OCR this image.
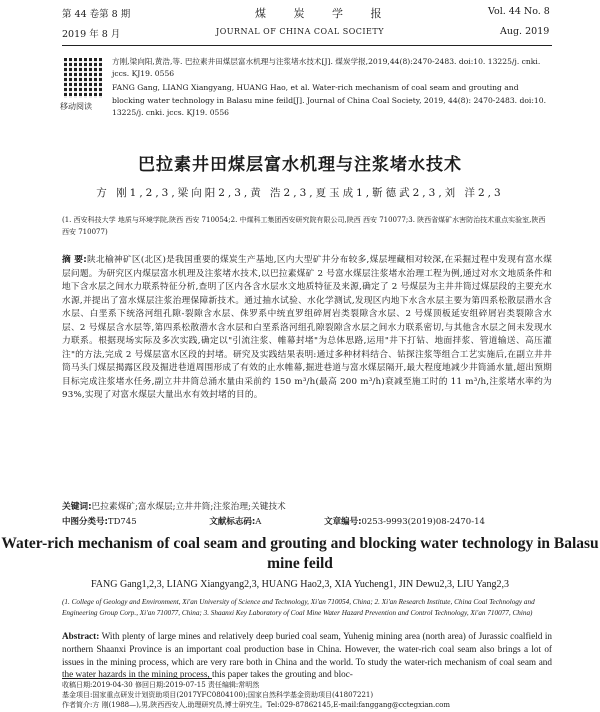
第 44 卷第 8 期	煤 炭 学 报	Vol. 44 No. 8
2019 年 8 月	JOURNAL OF CHINA COAL SOCIETY	Aug. 2019
移动阅读
方刚,梁向阳,黄浩,等. 巴拉素井田煤层富水机理与注浆堵水技术[J]. 煤炭学报,2019,44(8):2470-2483. doi:10. 13225/j. cnki. jccs. KJ19. 0556
FANG Gang, LIANG Xiangyang, HUANG Hao, et al. Water-rich mechanism of coal seam and grouting and blocking water technology in Balasu mine feild[J]. Journal of China Coal Society, 2019, 44(8): 2470-2483. doi:10. 13225/j. cnki. jccs. KJ19. 0556
巴拉素井田煤层富水机理与注浆堵水技术
方 刚1,2,3,梁向阳2,3,黄 浩2,3,夏玉成1,靳德武2,3,刘 洋2,3
(1. 西安科技大学 地质与环境学院,陕西 西安 710054;2. 中煤科工集团西安研究院有限公司,陕西 西安 710077;3. 陕西省煤矿水害防治技术重点实验室,陕西 西安 710077)
摘 要:陕北榆神矿区(北区)是我国重要的煤炭生产基地,区内大型矿井分布较多,煤层埋藏相对较深,在采掘过程中发现有富水煤层问题。为研究区内煤层富水机理及注浆堵水技术,以巴拉素煤矿 2 号富水煤层注浆堵水治理工程为例,通过对水文地质条件和地下含水层之间水力联系特征分析,查明了区内各含水层水文地质特征及来源,确定了 2 号煤层为主井井筒过煤层段的主要充水水源,并提出了富水煤层注浆治理保障新技术。通过抽水试验、水化学测试,发现区内地下水含水层主要为第四系松散层潜水含水层、白垩系下统洛河组孔隙-裂隙含水层、侏罗系中统直罗组碎屑岩类裂隙含水层、2 号煤顶板延安组碎屑岩类裂隙含水层、2 号煤层含水层等,第四系松散潜水含水层和白垩系洛河组孔隙裂隙含水层之间水力联系密切,与其他含水层之间未发现水力联系。根据现场实际及多次实践,确定以"引流注浆、帷幕封堵"为总体思路,运用"井下打钻、地面拌浆、管道输送、高压灌注"的方法,完成 2 号煤层富水区段的封堵。研究及实践结果表明:通过多种材料结合、钻探注浆等组合工艺实施后,在副立井井筒马头门煤层揭露区段及掘进巷道周围形成了有效的止水帷幕,掘进巷道与富水煤层隔开,最大程度地减少井筒涌水量,超出预期目标完成注浆堵水任务,副立井井筒总涌水量由采前约 150 m³/h(最高 200 m³/h)衰减至施工时的 11 m³/h,注浆堵水率约为 93%,实现了对富水煤层大量出水有效封堵的目的。
关键词:巴拉素煤矿;富水煤层;立井井筒;注浆治理;关键技术
中图分类号:TD745	文献标志码:A	文章编号:0253-9993(2019)08-2470-14
Water-rich mechanism of coal seam and grouting and blocking water technology in Balasu mine feild
FANG Gang1,2,3, LIANG Xiangyang2,3, HUANG Hao2,3, XIA Yucheng1, JIN Dewu2,3, LIU Yang2,3
(1. College of Geology and Environment, Xi'an University of Science and Technology, Xi'an 710054, China; 2. Xi'an Research Institute, China Coal Technology and Engineering Group Corp., Xi'an 710077, China; 3. Shaanxi Key Laboratory of Coal Mine Water Hazard Prevention and Control Technology, Xi'an 710077, China)
Abstract: With plenty of large mines and relatively deep buried coal seam, Yuhenig mining area (north area) of Jurassic coalfield in northern Shaanxi Province is an important coal production base in China. However, the water-rich coal seam also brings a lot of issues in the mining process, which are very rare both in China and the world. To study the water-rich mechanism of coal seam and the water hazards in the mining process, this paper takes the grouting and bloc-
收稿日期:2019-04-30 修回日期:2019-07-15 责任编辑:常明然
基金项目:国家重点研发计划资助项目(2017YFC0804100);国家自然科学基金资助项目(41807221)
作者简介:方 刚(1988—),男,陕西西安人,助理研究员,博士研究生。Tel:029-87862145,E-mail:fanggang@cctegxian.com
